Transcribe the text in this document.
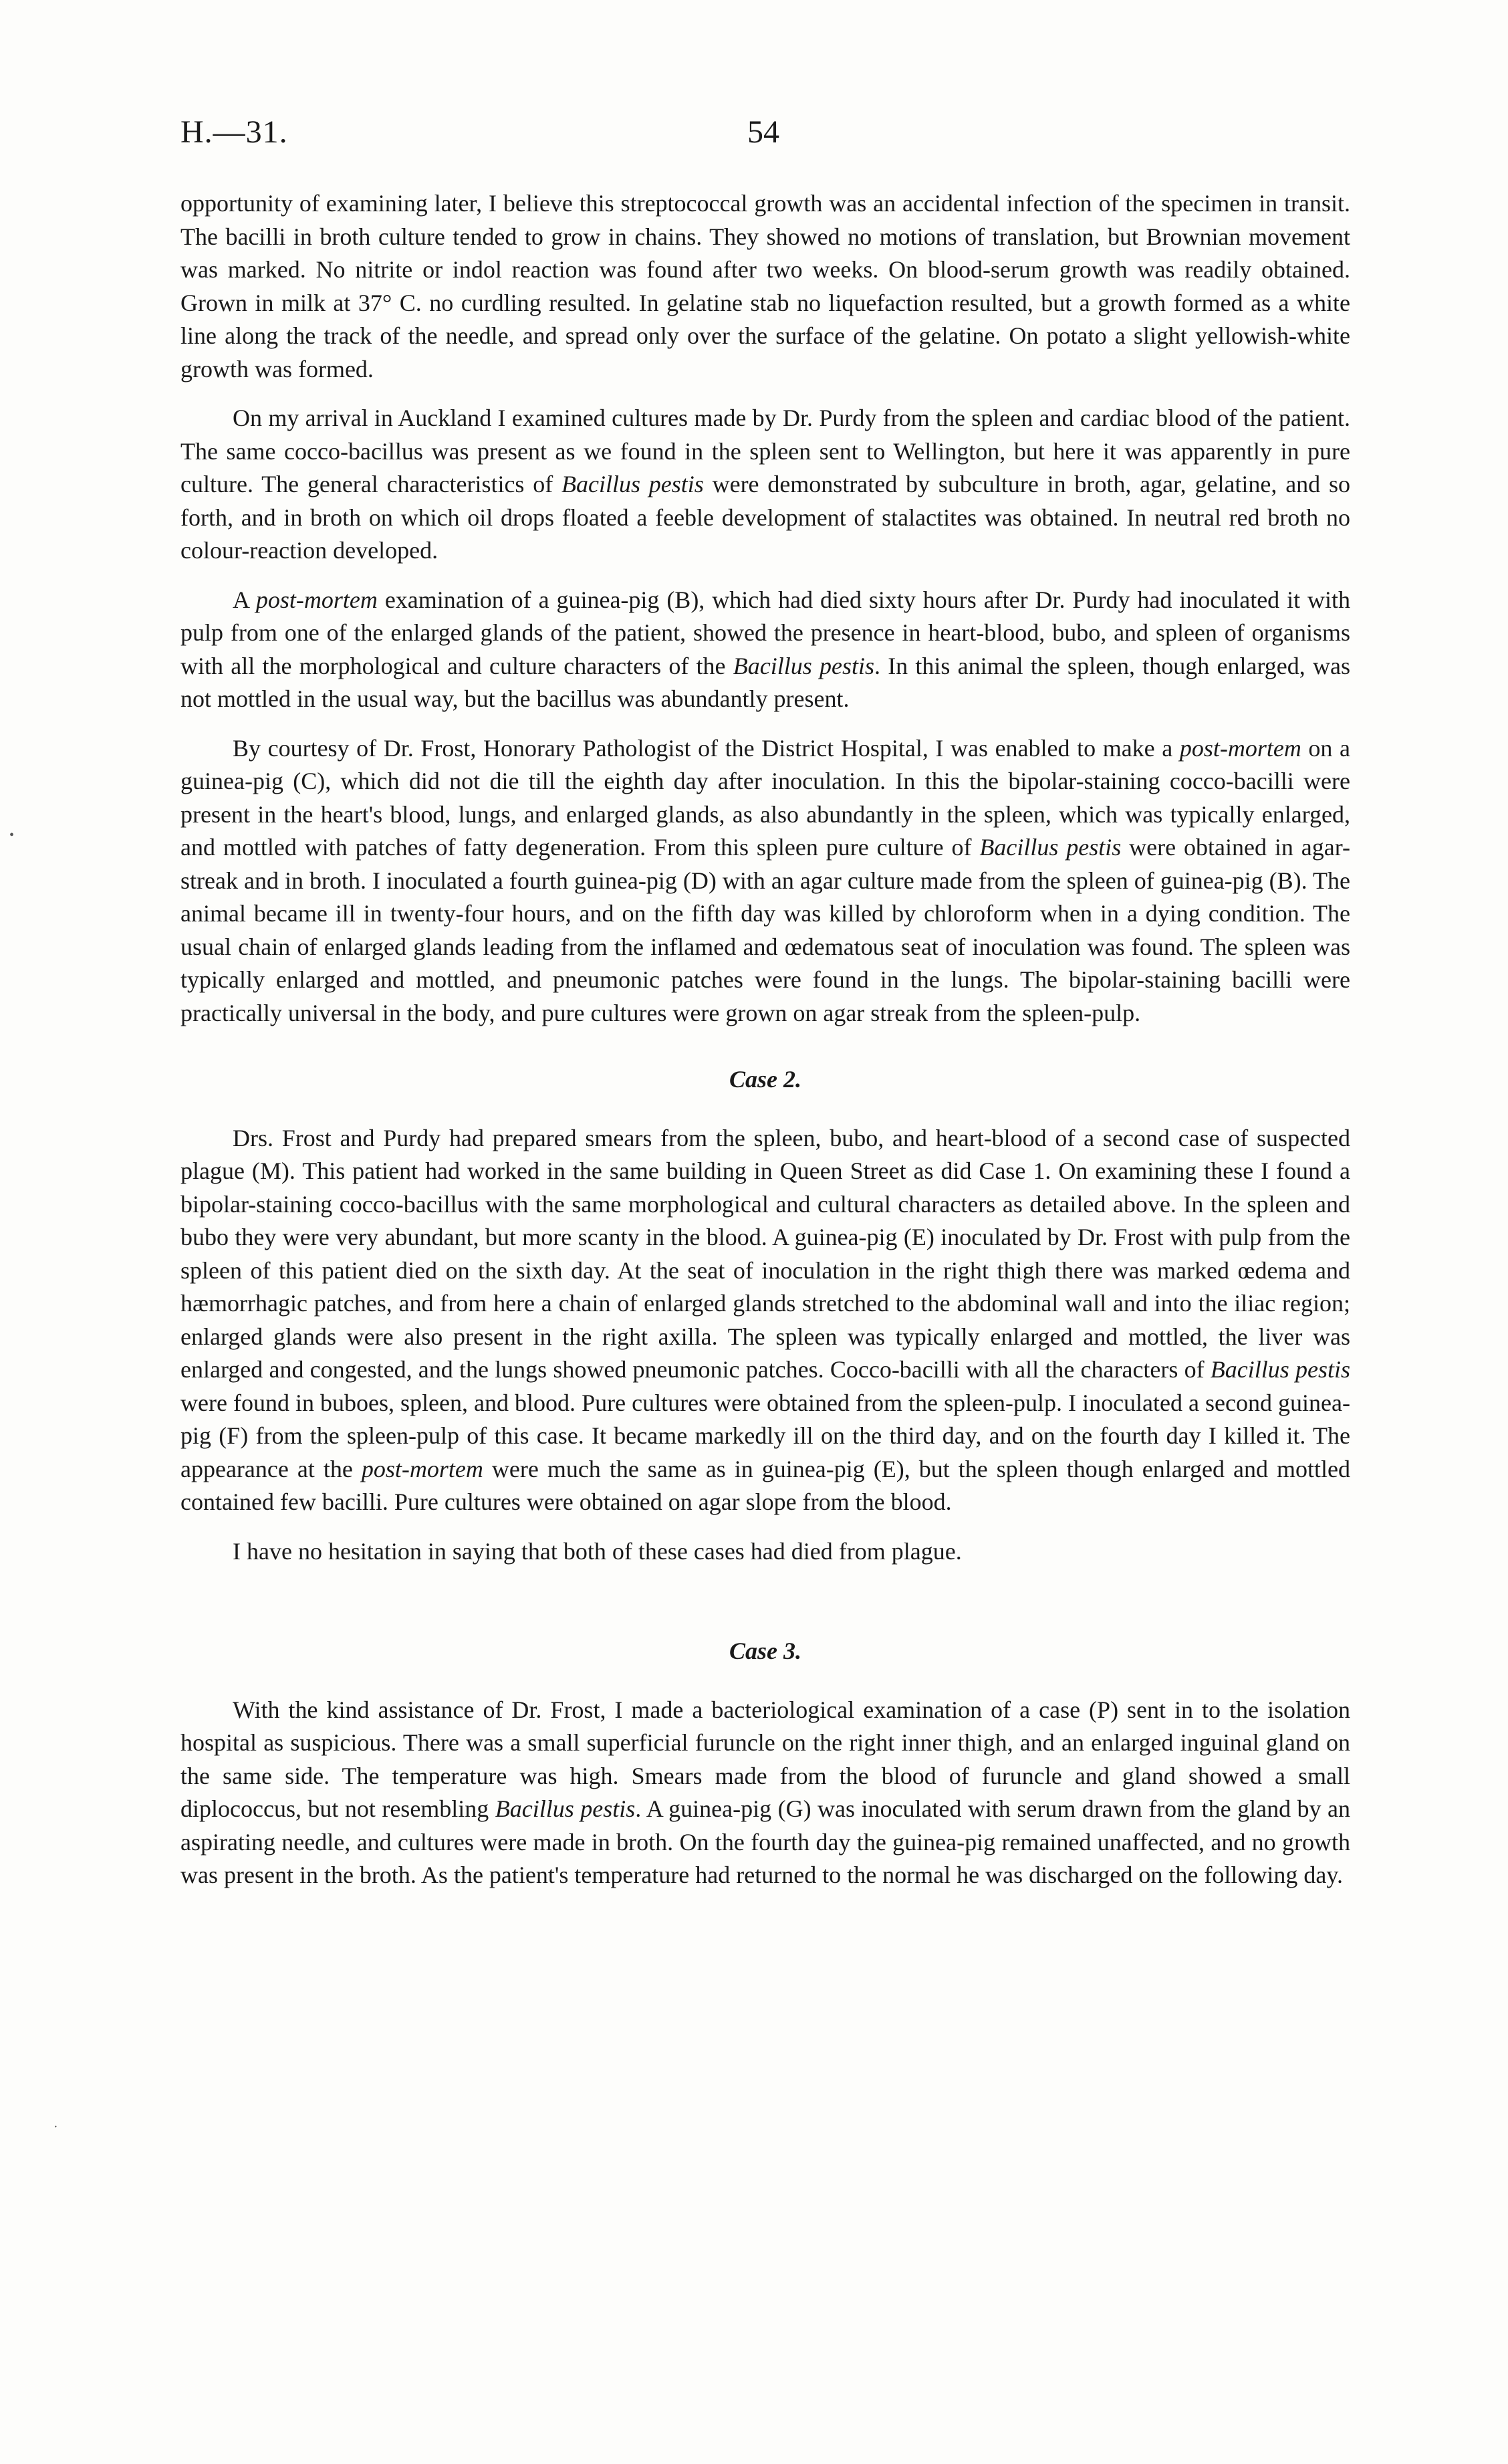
H.—31.	54
•
·

opportunity of examining later, I believe this streptococcal growth was an accidental infection of the specimen in transit. The bacilli in broth culture tended to grow in chains. They showed no motions of translation, but Brownian movement was marked. No nitrite or indol reaction was found after two weeks. On blood-serum growth was readily obtained. Grown in milk at 37° C. no curdling resulted. In gelatine stab no liquefaction resulted, but a growth formed as a white line along the track of the needle, and spread only over the surface of the gelatine. On potato a slight yellowish-white growth was formed.

On my arrival in Auckland I examined cultures made by Dr. Purdy from the spleen and cardiac blood of the patient. The same cocco-bacillus was present as we found in the spleen sent to Wellington, but here it was apparently in pure culture. The general characteristics of Bacillus pestis were demonstrated by subculture in broth, agar, gelatine, and so forth, and in broth on which oil drops floated a feeble development of stalactites was obtained. In neutral red broth no colour-reaction developed.

A post-mortem examination of a guinea-pig (B), which had died sixty hours after Dr. Purdy had inoculated it with pulp from one of the enlarged glands of the patient, showed the presence in heart-blood, bubo, and spleen of organisms with all the morphological and culture characters of the Bacillus pestis. In this animal the spleen, though enlarged, was not mottled in the usual way, but the bacillus was abundantly present.

By courtesy of Dr. Frost, Honorary Pathologist of the District Hospital, I was enabled to make a post-mortem on a guinea-pig (C), which did not die till the eighth day after inoculation. In this the bipolar-staining cocco-bacilli were present in the heart's blood, lungs, and enlarged glands, as also abundantly in the spleen, which was typically enlarged, and mottled with patches of fatty degeneration. From this spleen pure culture of Bacillus pestis were obtained in agar-streak and in broth. I inoculated a fourth guinea-pig (D) with an agar culture made from the spleen of guinea-pig (B). The animal became ill in twenty-four hours, and on the fifth day was killed by chloroform when in a dying condition. The usual chain of enlarged glands leading from the inflamed and œdematous seat of inoculation was found. The spleen was typically enlarged and mottled, and pneumonic patches were found in the lungs. The bipolar-staining bacilli were practically universal in the body, and pure cultures were grown on agar streak from the spleen-pulp.

Case 2.

Drs. Frost and Purdy had prepared smears from the spleen, bubo, and heart-blood of a second case of suspected plague (M). This patient had worked in the same building in Queen Street as did Case 1. On examining these I found a bipolar-staining cocco-bacillus with the same morphological and cultural characters as detailed above. In the spleen and bubo they were very abundant, but more scanty in the blood. A guinea-pig (E) inoculated by Dr. Frost with pulp from the spleen of this patient died on the sixth day. At the seat of inoculation in the right thigh there was marked œdema and hæmorrhagic patches, and from here a chain of enlarged glands stretched to the abdominal wall and into the iliac region; enlarged glands were also present in the right axilla. The spleen was typically enlarged and mottled, the liver was enlarged and congested, and the lungs showed pneumonic patches. Cocco-bacilli with all the characters of Bacillus pestis were found in buboes, spleen, and blood. Pure cultures were obtained from the spleen-pulp. I inoculated a second guinea-pig (F) from the spleen-pulp of this case. It became markedly ill on the third day, and on the fourth day I killed it. The appearance at the post-mortem were much the same as in guinea-pig (E), but the spleen though enlarged and mottled contained few bacilli. Pure cultures were obtained on agar slope from the blood.

I have no hesitation in saying that both of these cases had died from plague.

Case 3.

With the kind assistance of Dr. Frost, I made a bacteriological examination of a case (P) sent in to the isolation hospital as suspicious. There was a small superficial furuncle on the right inner thigh, and an enlarged inguinal gland on the same side. The temperature was high. Smears made from the blood of furuncle and gland showed a small diplococcus, but not resembling Bacillus pestis. A guinea-pig (G) was inoculated with serum drawn from the gland by an aspirating needle, and cultures were made in broth. On the fourth day the guinea-pig remained unaffected, and no growth was present in the broth. As the patient's temperature had returned to the normal he was discharged on the following day.
